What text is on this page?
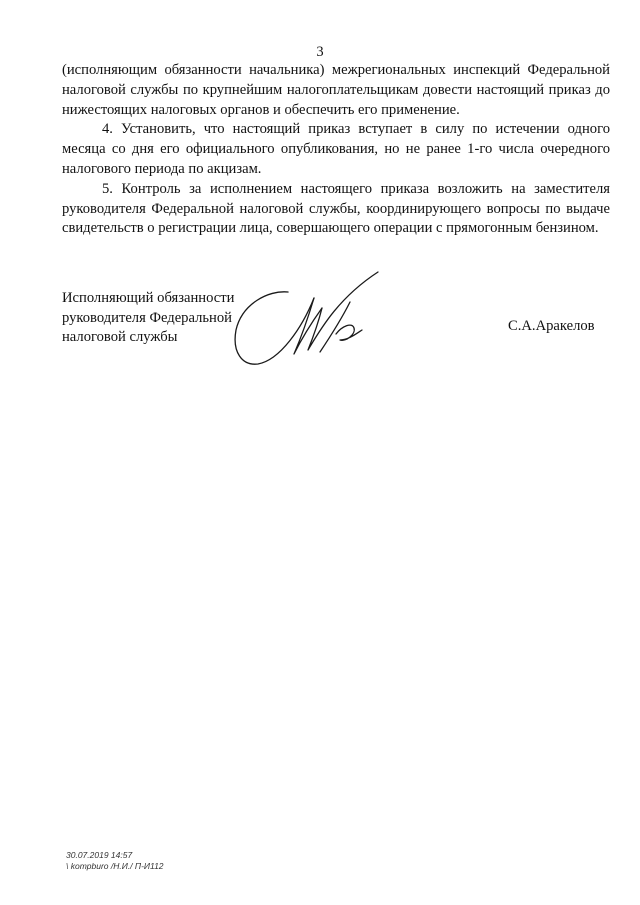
3

(исполняющим обязанности начальника) межрегиональных инспекций Федеральной налоговой службы по крупнейшим налогоплательщикам довести настоящий приказ до нижестоящих налоговых органов и обеспечить его применение.

4. Установить, что настоящий приказ вступает в силу по истечении одного месяца со дня его официального опубликования, но не ранее 1-го числа очередного налогового периода по акцизам.

5. Контроль за исполнением настоящего приказа возложить на заместителя руководителя Федеральной налоговой службы, координирующего вопросы по выдаче свидетельств о регистрации лица, совершающего операции с прямогонным бензином.

Исполняющий обязанности
руководителя Федеральной
налоговой службы
С.А.Аракелов
30.07.2019 14:57
\ kompburo /Н.И./ П-И112
